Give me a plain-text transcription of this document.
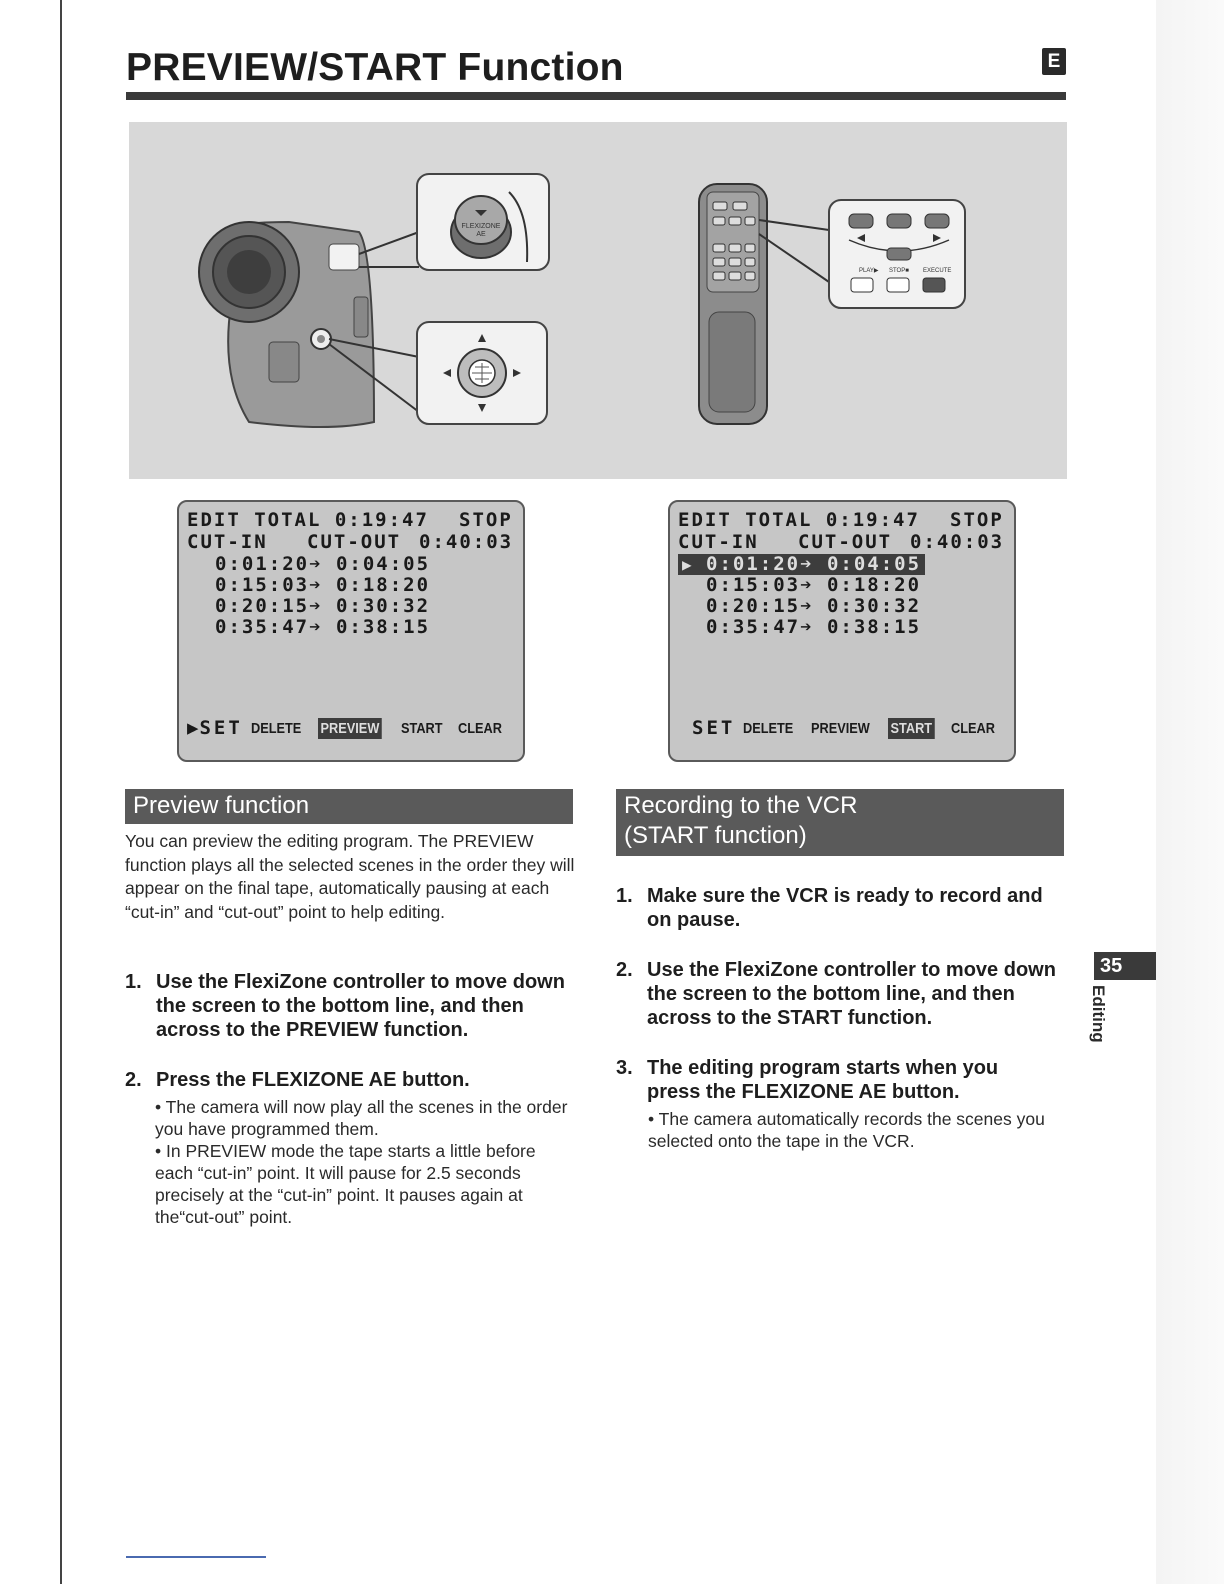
PREVIEW/START Function	E
FLEXIZONE
AE
PLAY▶ STOP■ EXECUTE
EDIT TOTAL 0:19:47 STOP
CUT-IN CUT-OUT 0:40:03
0:01:20➔ 0:04:05
0:15:03➔ 0:18:20
0:20:15➔ 0:30:32
0:35:47➔ 0:38:15
▶SET DELETE PREVIEW START CLEAR
EDIT TOTAL 0:19:47 STOP
CUT-IN CUT-OUT 0:40:03
▶ 0:01:20➔ 0:04:05
0:15:03➔ 0:18:20
0:20:15➔ 0:30:32
0:35:47➔ 0:38:15
SET DELETE PREVIEW START CLEAR
Preview function

You can preview the editing program. The PREVIEW function plays all the selected scenes in the order they will appear on the final tape, automatically pausing at each “cut-in” and “cut-out” point to help editing.

1. Use the FlexiZone controller to move down the screen to the bottom line, and then across to the PREVIEW function.
2. Press the FLEXIZONE AE button.

• The camera will now play all the scenes in the order you have programmed them.

• In PREVIEW mode the tape starts a little before each “cut-in” point. It will pause for 2.5 seconds precisely at the “cut-in” point. It pauses again at the“cut-out” point.

Recording to the VCR
(START function)
1. Make sure the VCR is ready to record and on pause.
2. Use the FlexiZone controller to move down the screen to the bottom line, and then across to the START function.
3. The editing program starts when you press the FLEXIZONE AE button.

• The camera automatically records the scenes you selected onto the tape in the VCR.

35
Editing
